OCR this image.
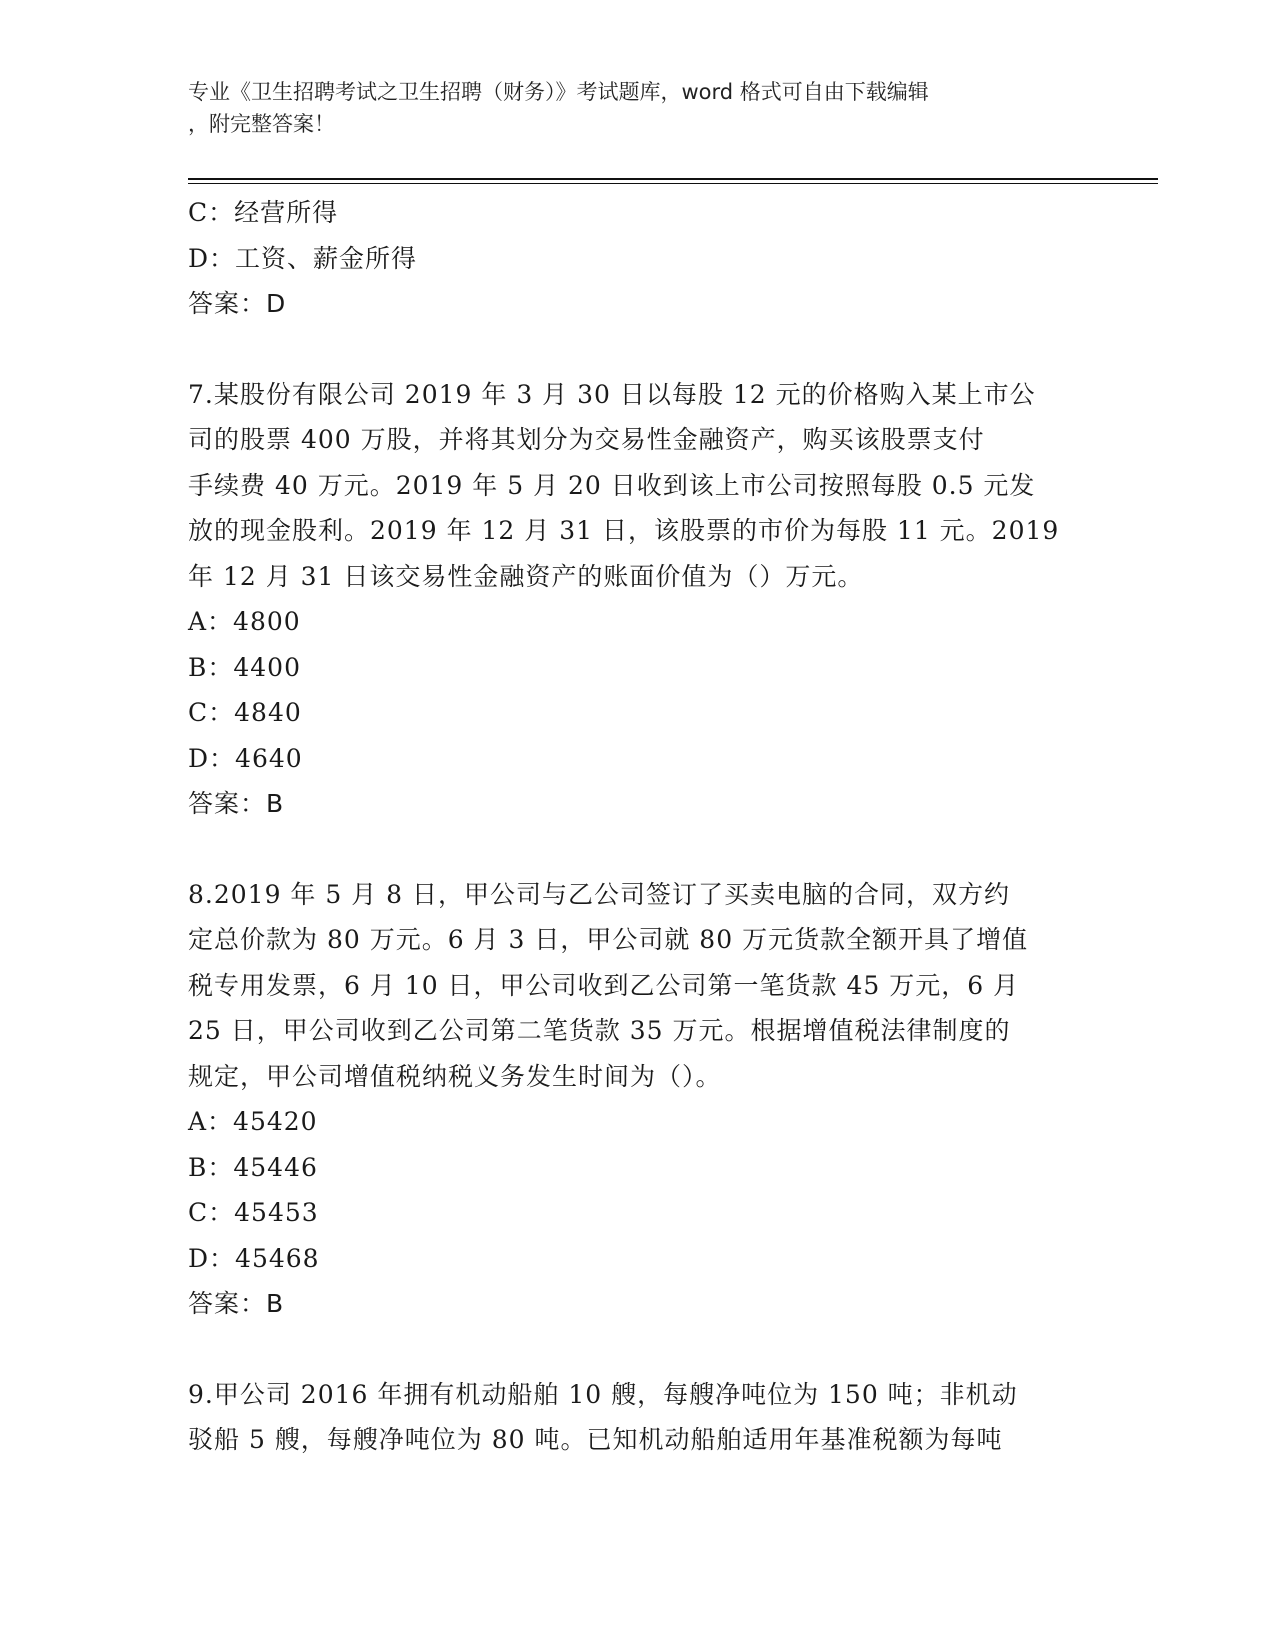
专业《卫生招聘考试之卫生招聘（财务）》考试题库，word 格式可自由下载编辑
，附完整答案！
C：经营所得
D：工资、薪金所得
答案：D
7.某股份有限公司 2019 年 3 月 30 日以每股 12 元的价格购入某上市公
司的股票 400 万股，并将其划分为交易性金融资产，购买该股票支付
手续费 40 万元。2019 年 5 月 20 日收到该上市公司按照每股 0.5 元发
放的现金股利。2019 年 12 月 31 日，该股票的市价为每股 11 元。2019
年 12 月 31 日该交易性金融资产的账面价值为（）万元。
A：4800
B：4400
C：4840
D：4640
答案：B
8.2019 年 5 月 8 日，甲公司与乙公司签订了买卖电脑的合同，双方约
定总价款为 80 万元。6 月 3 日，甲公司就 80 万元货款全额开具了增值
税专用发票，6 月 10 日，甲公司收到乙公司第一笔货款 45 万元，6 月
25 日，甲公司收到乙公司第二笔货款 35 万元。根据增值税法律制度的
规定，甲公司增值税纳税义务发生时间为（）。
A：45420
B：45446
C：45453
D：45468
答案：B
9.甲公司 2016 年拥有机动船舶 10 艘，每艘净吨位为 150 吨；非机动
驳船 5 艘，每艘净吨位为 80 吨。已知机动船舶适用年基准税额为每吨
